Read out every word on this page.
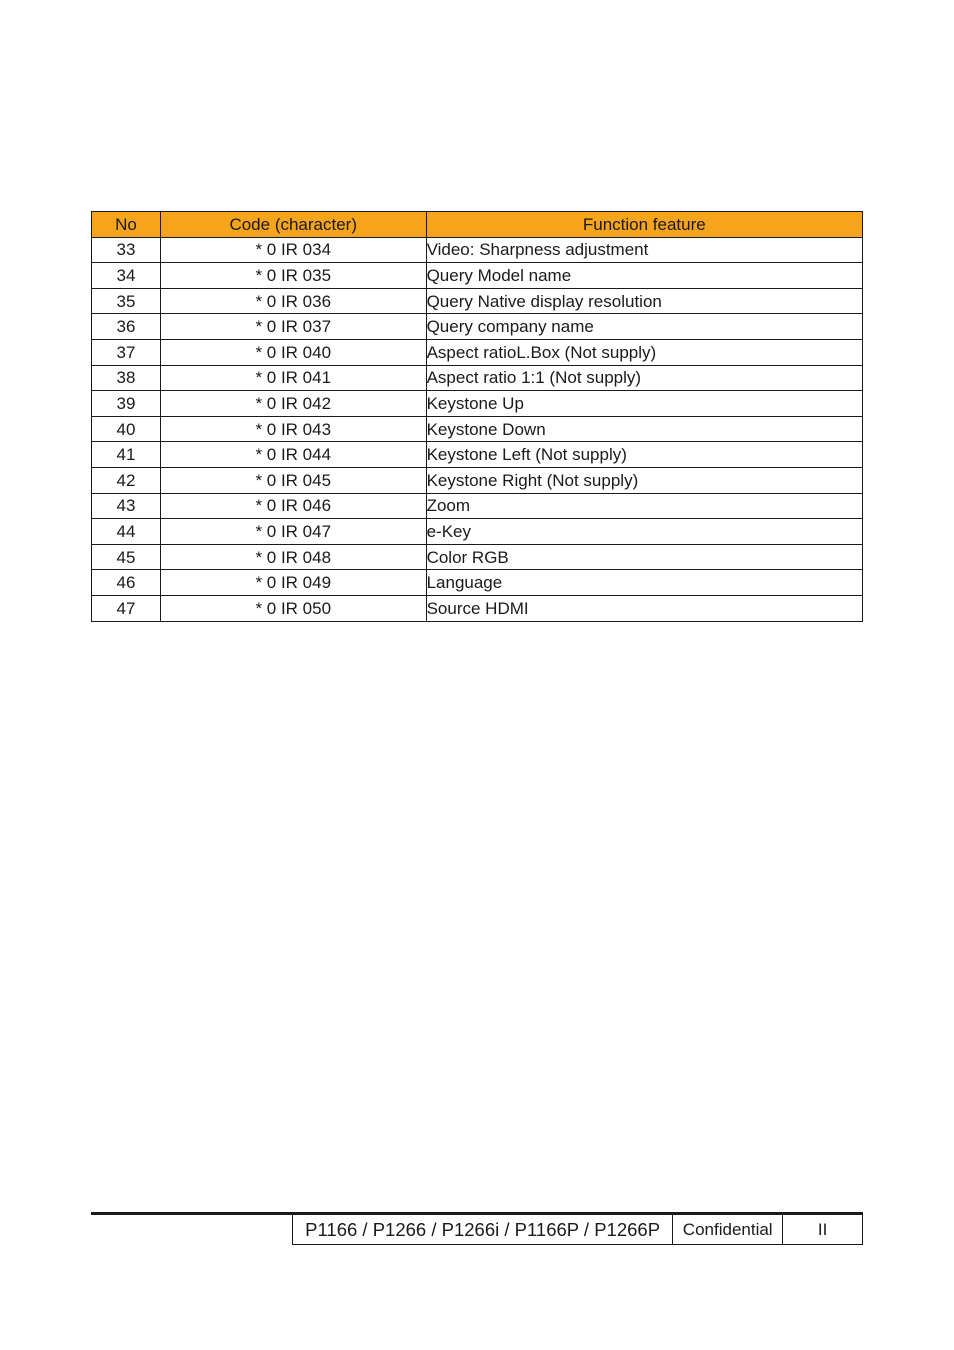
No	Code (character)	Function feature
33	* 0 IR 034	Video: Sharpness adjustment
34	* 0 IR 035	Query Model name
35	* 0 IR 036	Query Native display resolution
36	* 0 IR 037	Query company name
37	* 0 IR 040	Aspect ratioL.Box (Not supply)
38	* 0 IR 041	Aspect ratio 1:1 (Not supply)
39	* 0 IR 042	Keystone Up
40	* 0 IR 043	Keystone Down
41	* 0 IR 044	Keystone Left (Not supply)
42	* 0 IR 045	Keystone Right (Not supply)
43	* 0 IR 046	Zoom
44	* 0 IR 047	e-Key
45	* 0 IR 048	Color RGB
46	* 0 IR 049	Language
47	* 0 IR 050	Source HDMI
P1166 / P1266 / P1266i / P1166P / P1266P	Confidential	II
